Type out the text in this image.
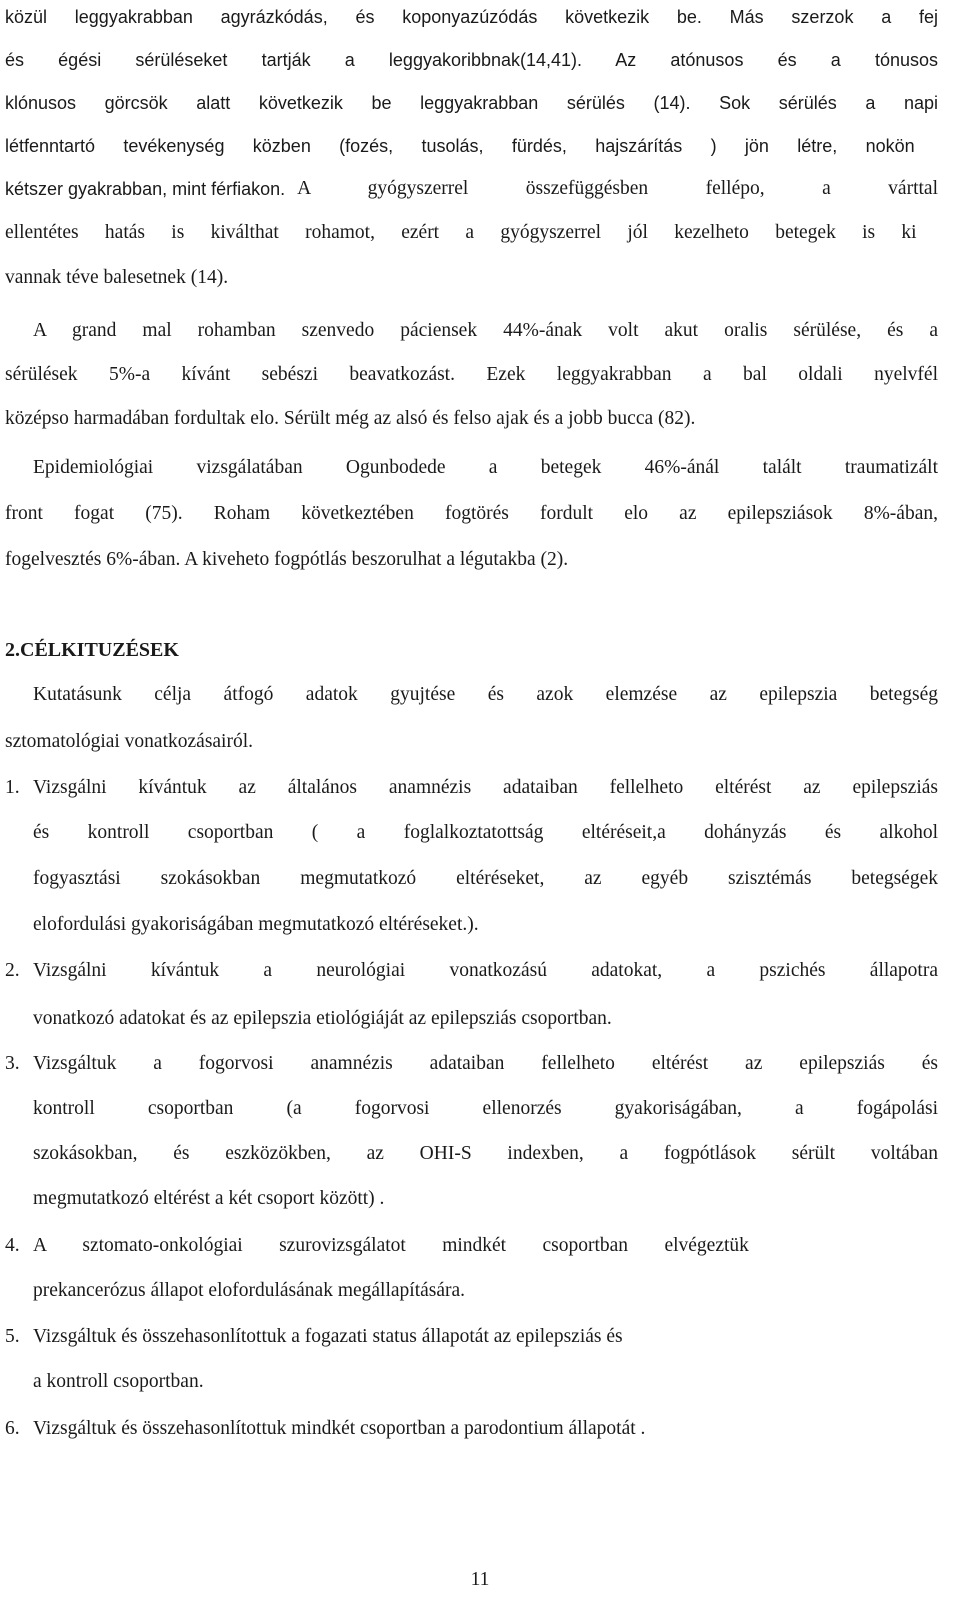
közül leggyakrabban agyrázkódás, és koponyazúzódás következik be. Más szerzok a fej
és égési sérüléseket tartják a leggyakoribbnak(14,41). Az atónusos és a tónusos
klónusos görcsök alatt következik be leggyakrabban sérülés (14). Sok sérülés a napi
létfenntartó tevékenység közben (fozés, tusolás, fürdés, hajszárítás ) jön létre, nokön
kétszer gyakrabban, mint férfiakon. A gyógyszerrel összefüggésben fellépo, a várttal
ellentétes hatás is kiválthat rohamot, ezért a gyógyszerrel jól kezelheto betegek is ki
vannak téve balesetnek (14).
A grand mal rohamban szenvedo páciensek 44%-ának volt akut oralis sérülése, és a
sérülések 5%-a kívánt sebészi beavatkozást. Ezek leggyakrabban a bal oldali nyelvfél
középso harmadában fordultak elo. Sérült még az alsó és felso ajak és a jobb bucca (82).
Epidemiológiai vizsgálatában Ogunbodede a betegek 46%-ánál talált traumatizált
front fogat (75). Roham következtében fogtörés fordult elo az epilepsziások 8%-ában,
fogelvesztés 6%-ában. A kiveheto fogpótlás beszorulhat a légutakba (2).
Kutatásunk célja átfogó adatok gyujtése és azok elemzése az epilepszia betegség
sztomatológiai vonatkozásairól.
1. Vizsgálni kívántuk az általános anamnézis adataiban fellelheto eltérést az epilepsziás
és kontroll csoportban ( a foglalkoztatottság eltéréseit,a dohányzás és alkohol
fogyasztási szokásokban megmutatkozó eltéréseket, az egyéb szisztémás betegségek
elofordulási gyakoriságában megmutatkozó eltéréseket.).
2. Vizsgálni kívántuk a neurológiai vonatkozású adatokat, a pszichés állapotra
vonatkozó adatokat és az epilepszia etiológiáját az epilepsziás csoportban.
3. Vizsgáltuk a fogorvosi anamnézis adataiban fellelheto eltérést az epilepsziás és
kontroll csoportban (a fogorvosi ellenorzés gyakoriságában, a fogápolási
szokásokban, és eszközökben, az OHI-S indexben, a fogpótlások sérült voltában
megmutatkozó eltérést a két csoport között) .
4. A sztomato-onkológiai szurovizsgálatot mindkét csoportban elvégeztük
prekancerózus állapot elofordulásának megállapítására.
5. Vizsgáltuk és összehasonlítottuk a fogazati status állapotát az epilepsziás és
a kontroll csoportban.
6. Vizsgáltuk és összehasonlítottuk mindkét csoportban a parodontium állapotát .
2.CÉLKITUZÉSEK
11
